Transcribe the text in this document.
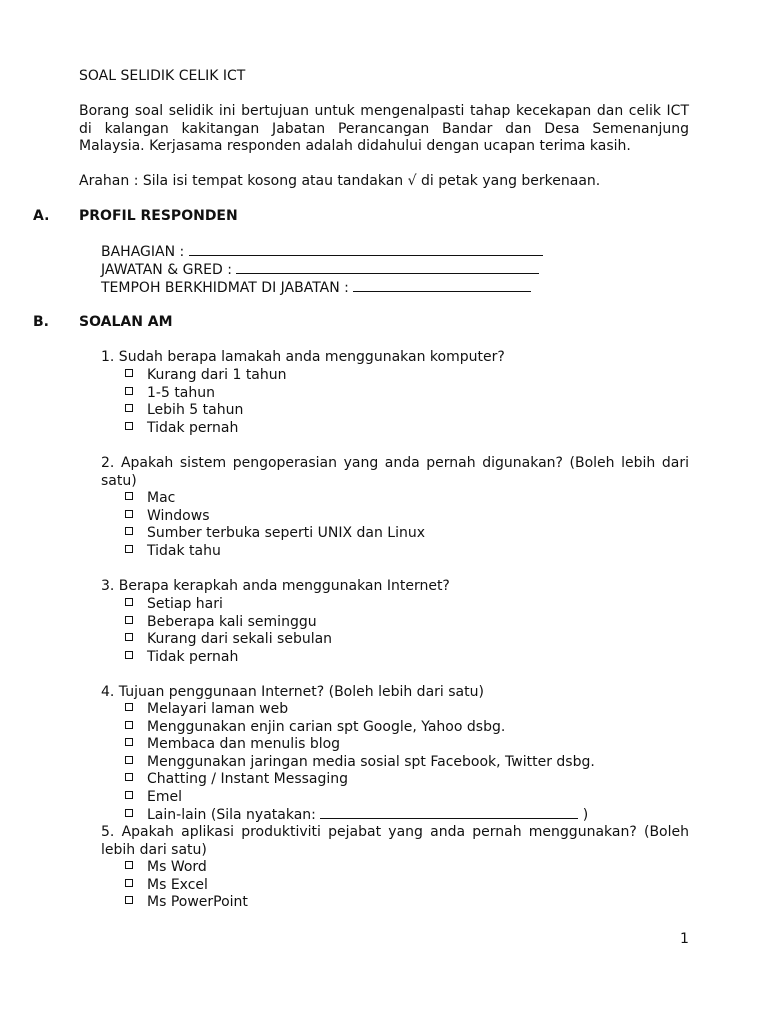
SOAL SELIDIK CELIK ICT

Borang soal selidik ini bertujuan untuk mengenalpasti tahap kecekapan dan celik ICT di kalangan kakitangan Jabatan Perancangan Bandar dan Desa Semenanjung Malaysia. Kerjasama responden adalah didahului dengan ucapan terima kasih.

Arahan : Sila isi tempat kosong atau tandakan √ di petak yang berkenaan.
A. PROFIL RESPONDEN
BAHAGIAN :
JAWATAN & GRED :
TEMPOH BERKHIDMAT DI JABATAN :
B. SOALAN AM
1. Sudah berapa lamakah anda menggunakan komputer?
Kurang dari 1 tahun
1-5 tahun
Lebih 5 tahun
Tidak pernah
2. Apakah sistem pengoperasian yang anda pernah digunakan? (Boleh lebih dari satu)
Mac
Windows
Sumber terbuka seperti UNIX dan Linux
Tidak tahu
3. Berapa kerapkah anda menggunakan Internet?
Setiap hari
Beberapa kali seminggu
Kurang dari sekali sebulan
Tidak pernah
4. Tujuan penggunaan Internet? (Boleh lebih dari satu)
Melayari laman web
Menggunakan enjin carian spt Google, Yahoo dsbg.
Membaca dan menulis blog
Menggunakan jaringan media sosial spt Facebook, Twitter dsbg.
Chatting / Instant Messaging
Emel
Lain-lain (Sila nyatakan:	)
5. Apakah aplikasi produktiviti pejabat yang anda pernah menggunakan? (Boleh lebih dari satu)
Ms Word
Ms Excel
Ms PowerPoint
1
